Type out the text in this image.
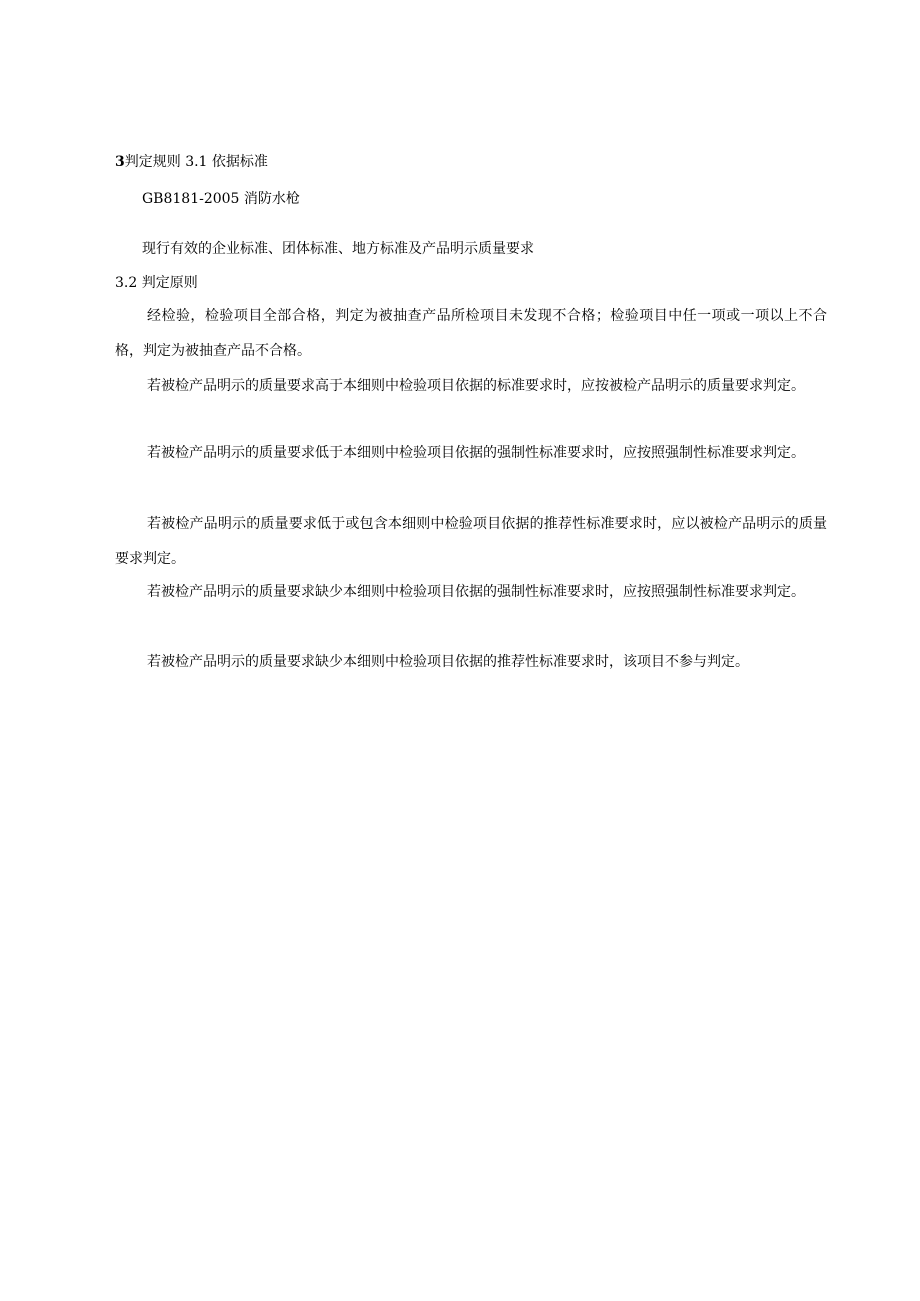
3判定规则 3.1 依据标准
GB8181-2005 消防水枪
现行有效的企业标准、团体标准、地方标准及产品明示质量要求
3.2 判定原则
经检验，检验项目全部合格，判定为被抽查产品所检项目未发现不合格；检验项目中任一项或一项以上不合格，判定为被抽查产品不合格。
若被检产品明示的质量要求高于本细则中检验项目依据的标准要求时，应按被检产品明示的质量要求判定。
若被检产品明示的质量要求低于本细则中检验项目依据的强制性标准要求时，应按照强制性标准要求判定。
若被检产品明示的质量要求低于或包含本细则中检验项目依据的推荐性标准要求时，应以被检产品明示的质量要求判定。
若被检产品明示的质量要求缺少本细则中检验项目依据的强制性标准要求时，应按照强制性标准要求判定。
若被检产品明示的质量要求缺少本细则中检验项目依据的推荐性标准要求时，该项目不参与判定。
